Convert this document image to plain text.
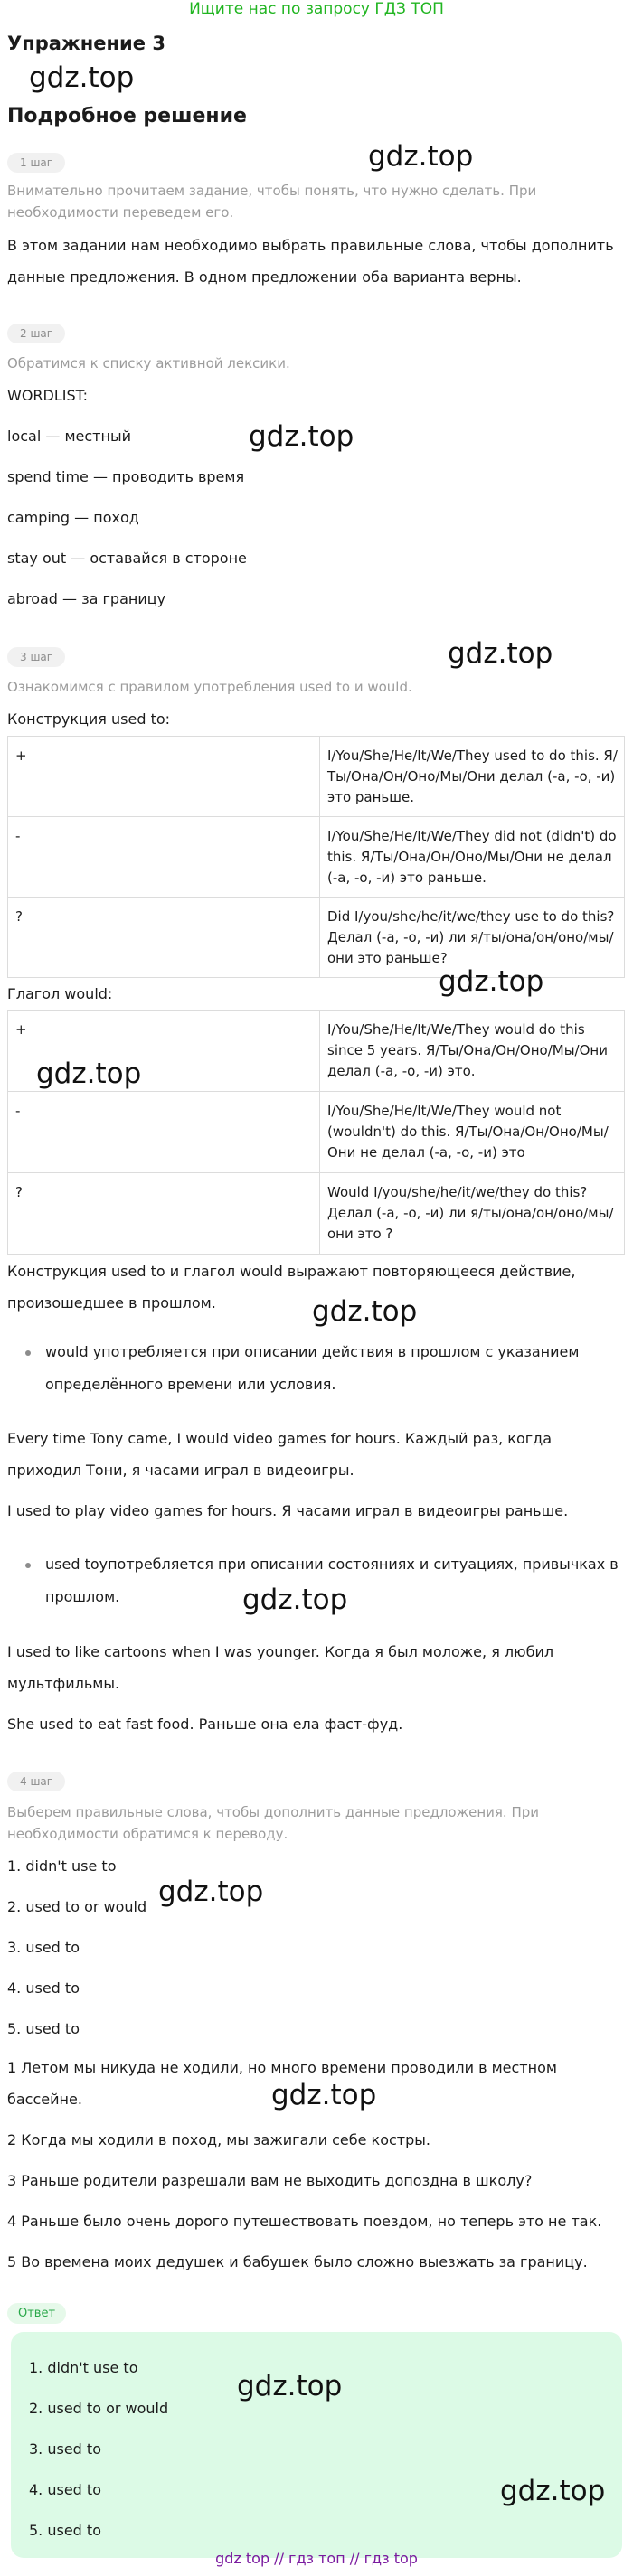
Ищите нас по запросу ГДЗ ТОП
Упражнение 3
gdz.top
Подробное решение
1 шаг	gdz.top
Внимательно прочитаем задание, чтобы понять, что нужно сделать. При необходимости переведем его.
В этом задании нам необходимо выбрать правильные слова, чтобы дополнить данные предложения. В одном предложении оба варианта верны.
2 шаг
Обратимся к списку активной лексики.
WORDLIST:
local — местный	gdz.top
spend time — проводить время
camping — поход
stay out — оставайся в стороне
abroad — за границу
3 шаг	gdz.top
Ознакомимся с правилом употребления used to и would.
Конструкция used to:
+	I/You/She/He/It/We/They used to do this. Я/Ты/Она/Он/Оно/Мы/Они делал (-а, -о, -и) это раньше.
-	I/You/She/He/It/We/They did not (didn't) do this. Я/Ты/Она/Он/Оно/Мы/Они не делал (-а, -о, -и) это раньше.
?	Did I/you/she/he/it/we/they use to do this? Делал (-а, -о, -и) ли я/ты/она/он/оно/мы/они это раньше?
Глагол would:	gdz.top
+	I/You/She/He/It/We/They would do this since 5 years. Я/Ты/Она/Он/Оно/Мы/Они делал (-а, -о, -и) это.
-	I/You/She/He/It/We/They would not (wouldn't) do this. Я/Ты/Она/Он/Оно/Мы/Они не делал (-а, -о, -и) это
?	Would I/you/she/he/it/we/they do this? Делал (-а, -о, -и) ли я/ты/она/он/оно/мы/они это ?
gdz.top
Конструкция used to и глагол would выражают повторяющееся действие, произошедшее в прошлом.	gdz.top
would употребляется при описании действия в прошлом с указанием определённого времени или условия.
Every time Tony came, I would video games for hours. Каждый раз, когда приходил Тони, я часами играл в видеоигры.
I used to play video games for hours. Я часами играл в видеоигры раньше.
used toупотребляется при описании состояниях и ситуациях, привычках в прошлом.	gdz.top
I used to like cartoons when I was younger. Когда я был моложе, я любил мультфильмы.
She used to eat fast food. Раньше она ела фаст-фуд.
4 шаг
Выберем правильные слова, чтобы дополнить данные предложения. При необходимости обратимся к переводу.
1. didn't use to
2. used to or would gdz.top
3. used to
4. used to
5. used to
1 Летом мы никуда не ходили, но много времени проводили в местном бассейне.	gdz.top
2 Когда мы ходили в поход, мы зажигали себе костры.
3 Раньше родители разрешали вам не выходить допоздна в школу?
4 Раньше было очень дорого путешествовать поездом, но теперь это не так.
5 Во времена моих дедушек и бабушек было сложно выезжать за границу.
Ответ
1. didn't use to
gdz.top
2. used to or would
3. used to
4. used to	gdz.top
5. used to
gdz top // гдз топ // гдз top
